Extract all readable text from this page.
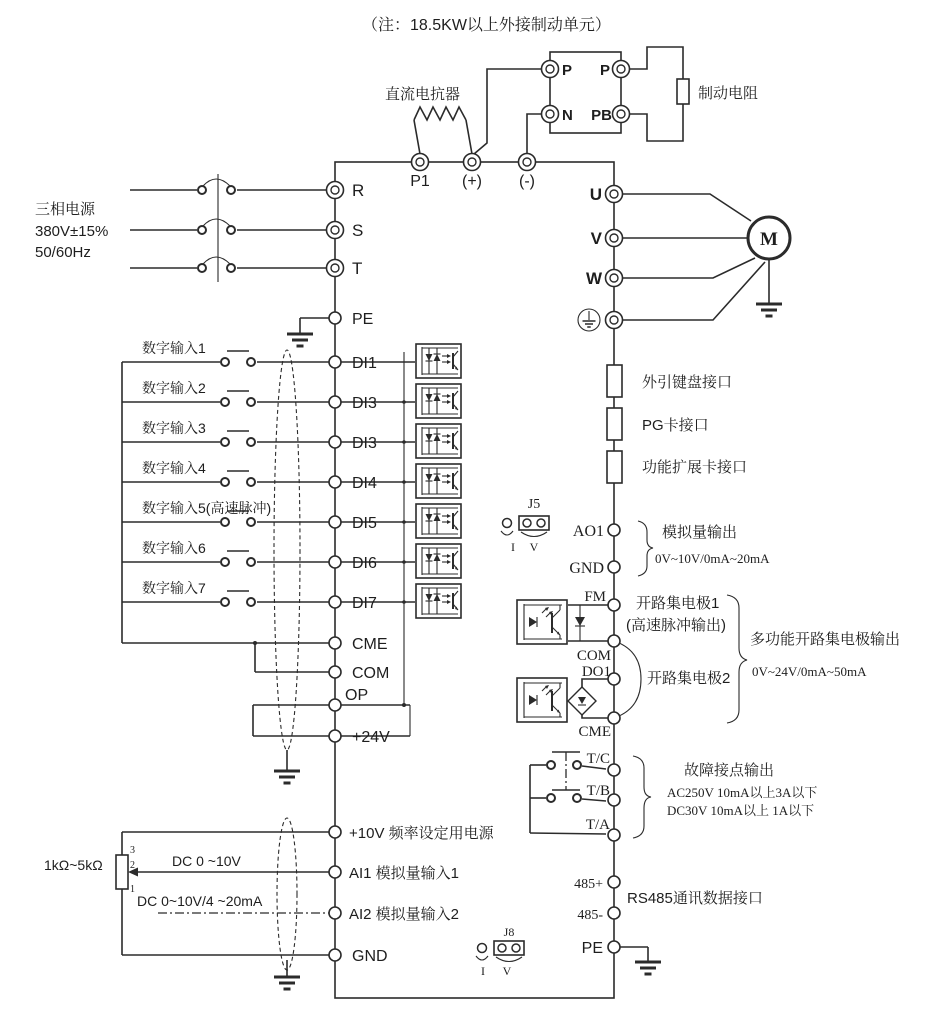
（注：18.5KW以上外接制动单元）
直流电抗器	制动电阻
P P
N PB
P1 (+) (-)
三相电源
380V±15%
50/60Hz
R
S
T
PE
数字输入1
数字输入2
数字输入3
数字输入4
数字输入5(高速脉冲)
数字输入6
数字输入7
DI1
DI3
DI3
DI4
DI5
DI6
DI7
CME
COM
OP
+24V
1kΩ~5kΩ
3
2
1
DC 0 ~10V
DC 0~10V/4 ~20mA
+10V 频率设定用电源
AI1 模拟量输入1
AI2 模拟量输入2
GND
M
U
V
W
外引键盘接口
PG卡接口
功能扩展卡接口
J5
I V
AO1
GND
模拟量输出
0V~10V/0mA~20mA
FM
COM
DO1
CME
开路集电极1
(高速脉冲输出)
开路集电极2
多功能开路集电极输出
0V~24V/0mA~50mA
T/C
T/B
T/A
故障接点输出
AC250V 10mA以上3A以下
DC30V 10mA以上 1A以下
485+
485-
RS485通讯数据接口
PE
J8
I V
